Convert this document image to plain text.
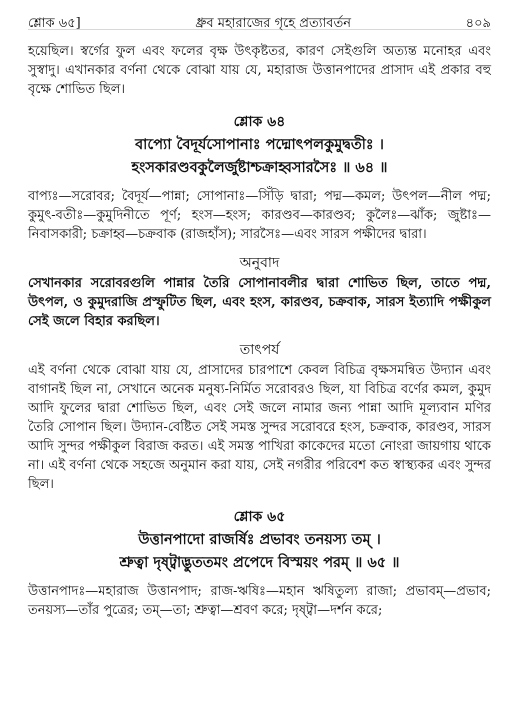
শ্লোক ৬৫]	ধ্রুব মহারাজের গৃহে প্রত্যাবর্তন	৪০৯

হয়েছিল। স্বর্গের ফুল এবং ফলের বৃক্ষ উৎকৃষ্টতর, কারণ সেইগুলি অত্যন্ত মনোহর এবং সুস্বাদু। এখানকার বর্ণনা থেকে বোঝা যায় যে, মহারাজ উত্তানপাদের প্রাসাদ এই প্রকার বহু বৃক্ষে শোভিত ছিল।

শ্লোক ৬৪
বাপ্যো বৈদূর্যসোপানাঃ পদ্মোৎপলকুমুদ্বতীঃ ।
হংসকারণ্ডবকুলৈর্জুষ্টাশ্চক্রাহ্বসারসৈঃ ॥ ৬৪ ॥

বাপ্যঃ—সরোবর; বৈদূর্য—পান্না; সোপানাঃ—সিঁড়ি দ্বারা; পদ্ম—কমল; উৎপল—নীল পদ্ম; কুমুৎ-বতীঃ—কুমুদিনীতে পূর্ণ; হংস—হংস; কারণ্ডব—কারণ্ডব; কুলৈঃ—ঝাঁক; জুষ্টাঃ—নিবাসকারী; চক্রাহ্ব—চক্রবাক (রাজহাঁস); সারসৈঃ—এবং সারস পক্ষীদের দ্বারা।

অনুবাদ

সেখানকার সরোবরগুলি পান্নার তৈরি সোপানাবলীর দ্বারা শোভিত ছিল, তাতে পদ্ম, উৎপল, ও কুমুদরাজি প্রস্ফুটিত ছিল, এবং হংস, কারণ্ডব, চক্রবাক, সারস ইত্যাদি পক্ষীকুল সেই জলে বিহার করছিল।

তাৎপর্য

এই বর্ণনা থেকে বোঝা যায় যে, প্রাসাদের চারপাশে কেবল বিচিত্র বৃক্ষসমন্বিত উদ্যান এবং বাগানই ছিল না, সেখানে অনেক মনুষ্য-নির্মিত সরোবরও ছিল, যা বিচিত্র বর্ণের কমল, কুমুদ আদি ফুলের দ্বারা শোভিত ছিল, এবং সেই জলে নামার জন্য পান্না আদি মূল্যবান মণির তৈরি সোপান ছিল। উদ্যান-বেষ্টিত সেই সমস্ত সুন্দর সরোবরে হংস, চক্রবাক, কারণ্ডব, সারস আদি সুন্দর পক্ষীকুল বিরাজ করত। এই সমস্ত পাখিরা কাকেদের মতো নোংরা জায়গায় থাকে না। এই বর্ণনা থেকে সহজে অনুমান করা যায়, সেই নগরীর পরিবেশ কত স্বাস্থ্যকর এবং সুন্দর ছিল।

শ্লোক ৬৫
উত্তানপাদো রাজর্ষিঃ প্রভাবং তনয়স্য তম্ ।
শ্রুত্বা দৃষ্ট্বাদ্ভুততমং প্রপেদে বিস্ময়ং পরম্ ॥ ৬৫ ॥

উত্তানপাদঃ—মহারাজ উত্তানপাদ; রাজ-ঋষিঃ—মহান ঋষিতুল্য রাজা; প্রভাবম্—প্রভাব; তনয়স্য—তাঁর পুত্রের; তম্—তা; শ্রুত্বা—শ্রবণ করে; দৃষ্ট্বা—দর্শন করে;
